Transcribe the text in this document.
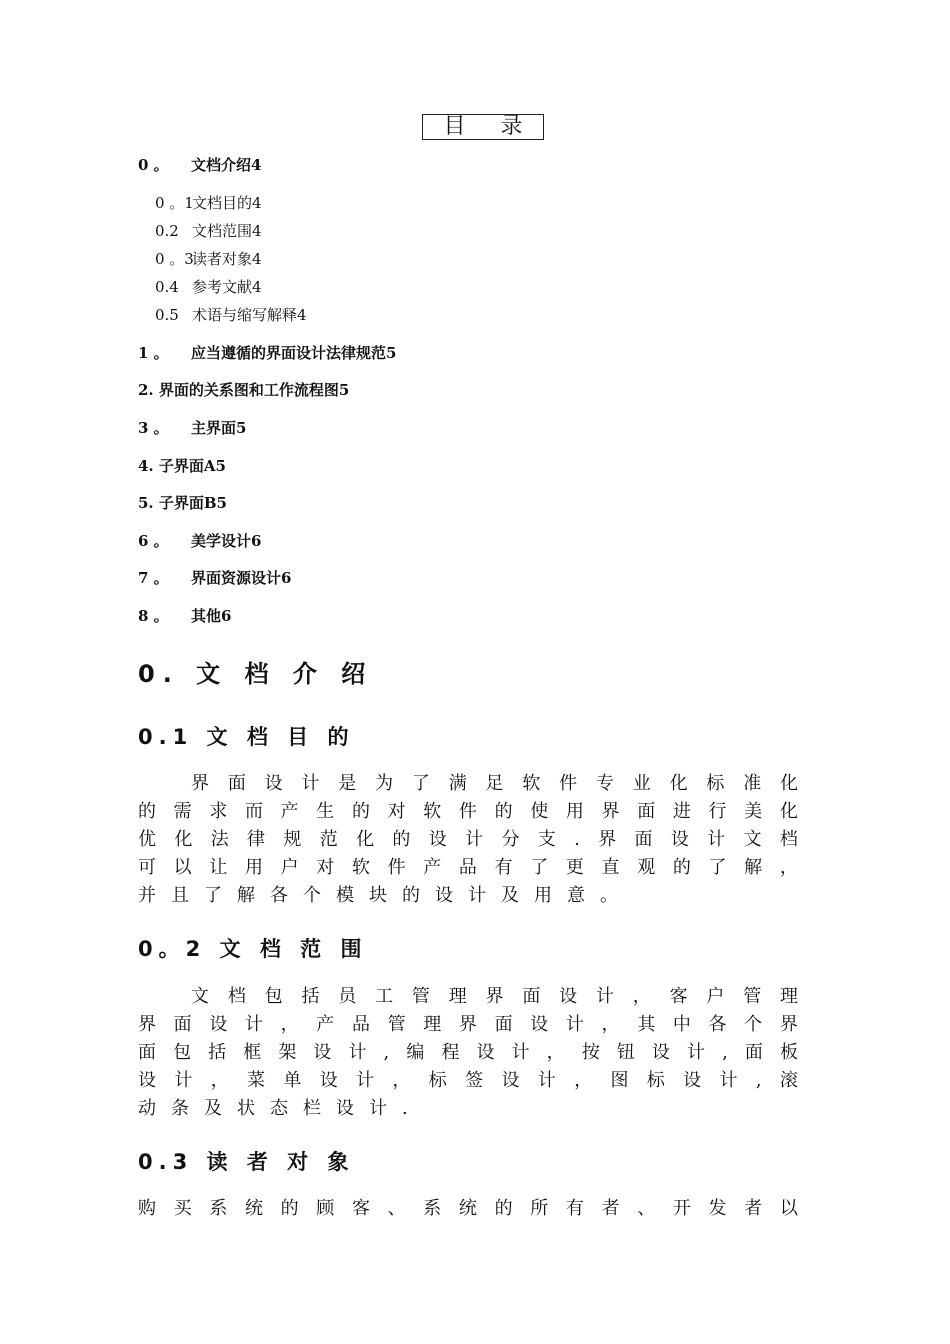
目 录
0 。 文档介绍4
0 。1文档目的4
0.2 文档范围4
0 。3读者对象4
0.4 参考文献4
0.5 术语与缩写解释4
1 。 应当遵循的界面设计法律规范5
2. 界面的关系图和工作流程图5
3 。 主界面5
4. 子界面A5
5. 子界面B5
6 。 美学设计6
7 。 界面资源设计6
8 。 其他6
0. 文 档 介 绍
0.1 文 档 目 的
界 面 设 计 是 为 了 满 足 软 件 专 业 化 标 准 化
的 需 求 而 产 生 的 对 软 件 的 使 用 界 面 进 行 美 化
优 化 法 律 规 范 化 的 设 计 分 支 . 界 面 设 计 文 档
可 以 让 用 户 对 软 件 产 品 有 了 更 直 观 的 了 解 ，
并 且 了 解 各 个 模 块 的 设 计 及 用 意 。
0。2 文 档 范 围
文 档 包 括 员 工 管 理 界 面 设 计 ， 客 户 管 理
界 面 设 计 ， 产 品 管 理 界 面 设 计 ， 其 中 各 个 界
面 包 括 框 架 设 计 , 编 程 设 计 ， 按 钮 设 计 , 面 板
设 计 ， 菜 单 设 计 ， 标 签 设 计 ， 图 标 设 计 , 滚
动 条 及 状 态 栏 设 计 .
0.3 读 者 对 象
购 买 系 统 的 顾 客 、 系 统 的 所 有 者 、 开 发 者 以
